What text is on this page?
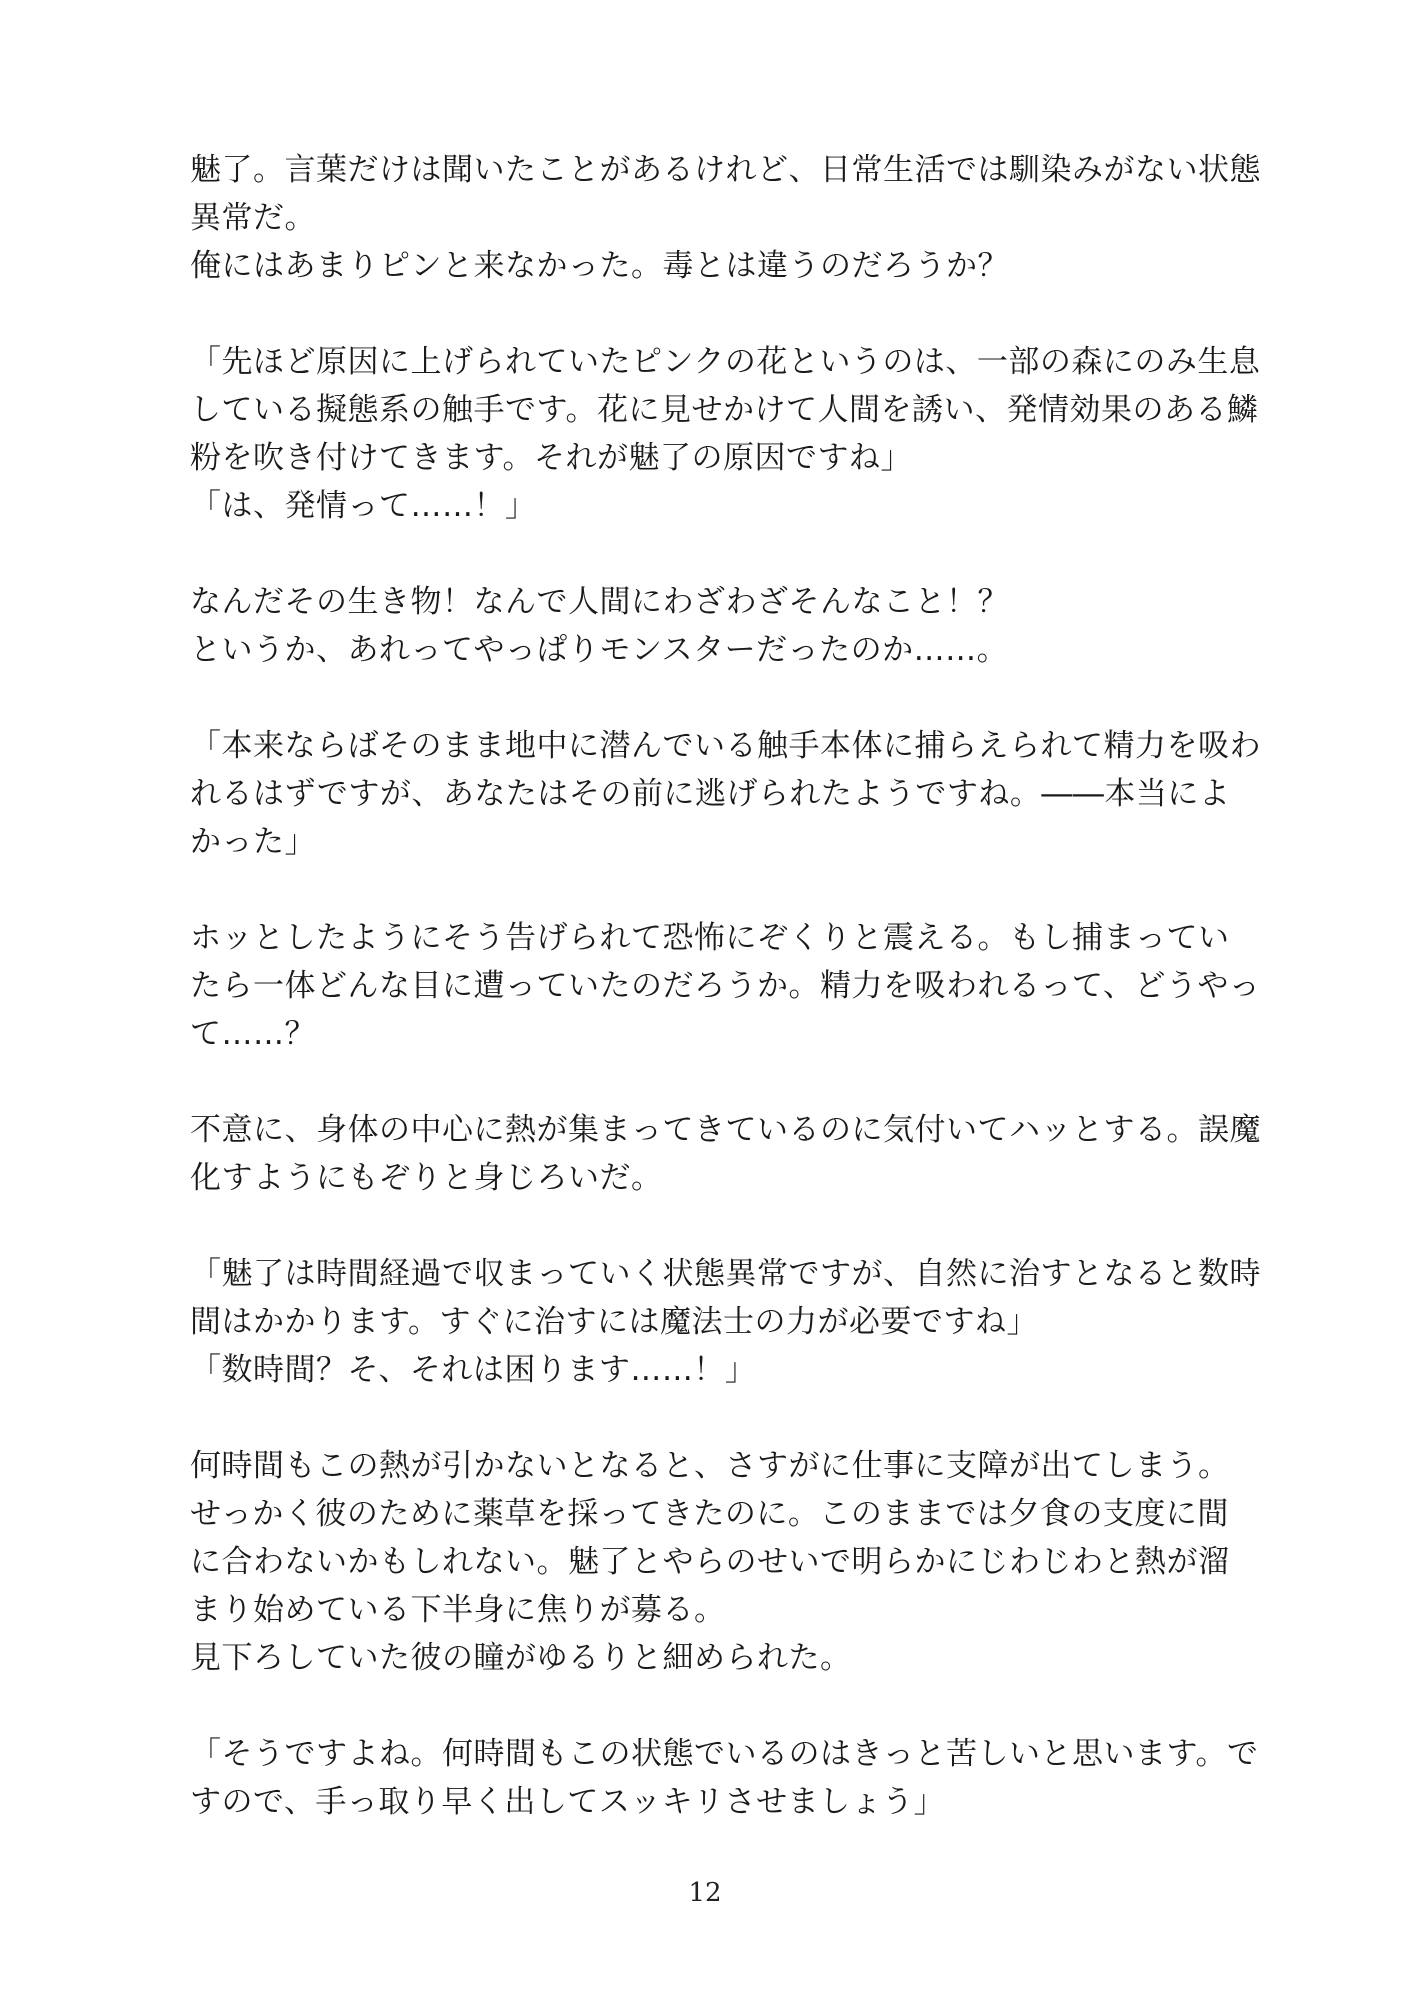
魅了。言葉だけは聞いたことがあるけれど、日常生活では馴染みがない状態
異常だ。
俺にはあまりピンと来なかった。毒とは違うのだろうか？
「先ほど原因に上げられていたピンクの花というのは、一部の森にのみ生息
している擬態系の触手です。花に見せかけて人間を誘い、発情効果のある鱗
粉を吹き付けてきます。それが魅了の原因ですね」
「は、発情って……！」
なんだその生き物！なんで人間にわざわざそんなこと！？
というか、あれってやっぱりモンスターだったのか……。
「本来ならばそのまま地中に潜んでいる触手本体に捕らえられて精力を吸わ
れるはずですが、あなたはその前に逃げられたようですね。――本当によ
かった」
ホッとしたようにそう告げられて恐怖にぞくりと震える。もし捕まってい
たら一体どんな目に遭っていたのだろうか。精力を吸われるって、どうやっ
て……？
不意に、身体の中心に熱が集まってきているのに気付いてハッとする。誤魔
化すようにもぞりと身じろいだ。
「魅了は時間経過で収まっていく状態異常ですが、自然に治すとなると数時
間はかかります。すぐに治すには魔法士の力が必要ですね」
「数時間？そ、それは困ります……！」
何時間もこの熱が引かないとなると、さすがに仕事に支障が出てしまう。
せっかく彼のために薬草を採ってきたのに。このままでは夕食の支度に間
に合わないかもしれない。魅了とやらのせいで明らかにじわじわと熱が溜
まり始めている下半身に焦りが募る。
見下ろしていた彼の瞳がゆるりと細められた。
「そうですよね。何時間もこの状態でいるのはきっと苦しいと思います。で
すので、手っ取り早く出してスッキリさせましょう」
12
